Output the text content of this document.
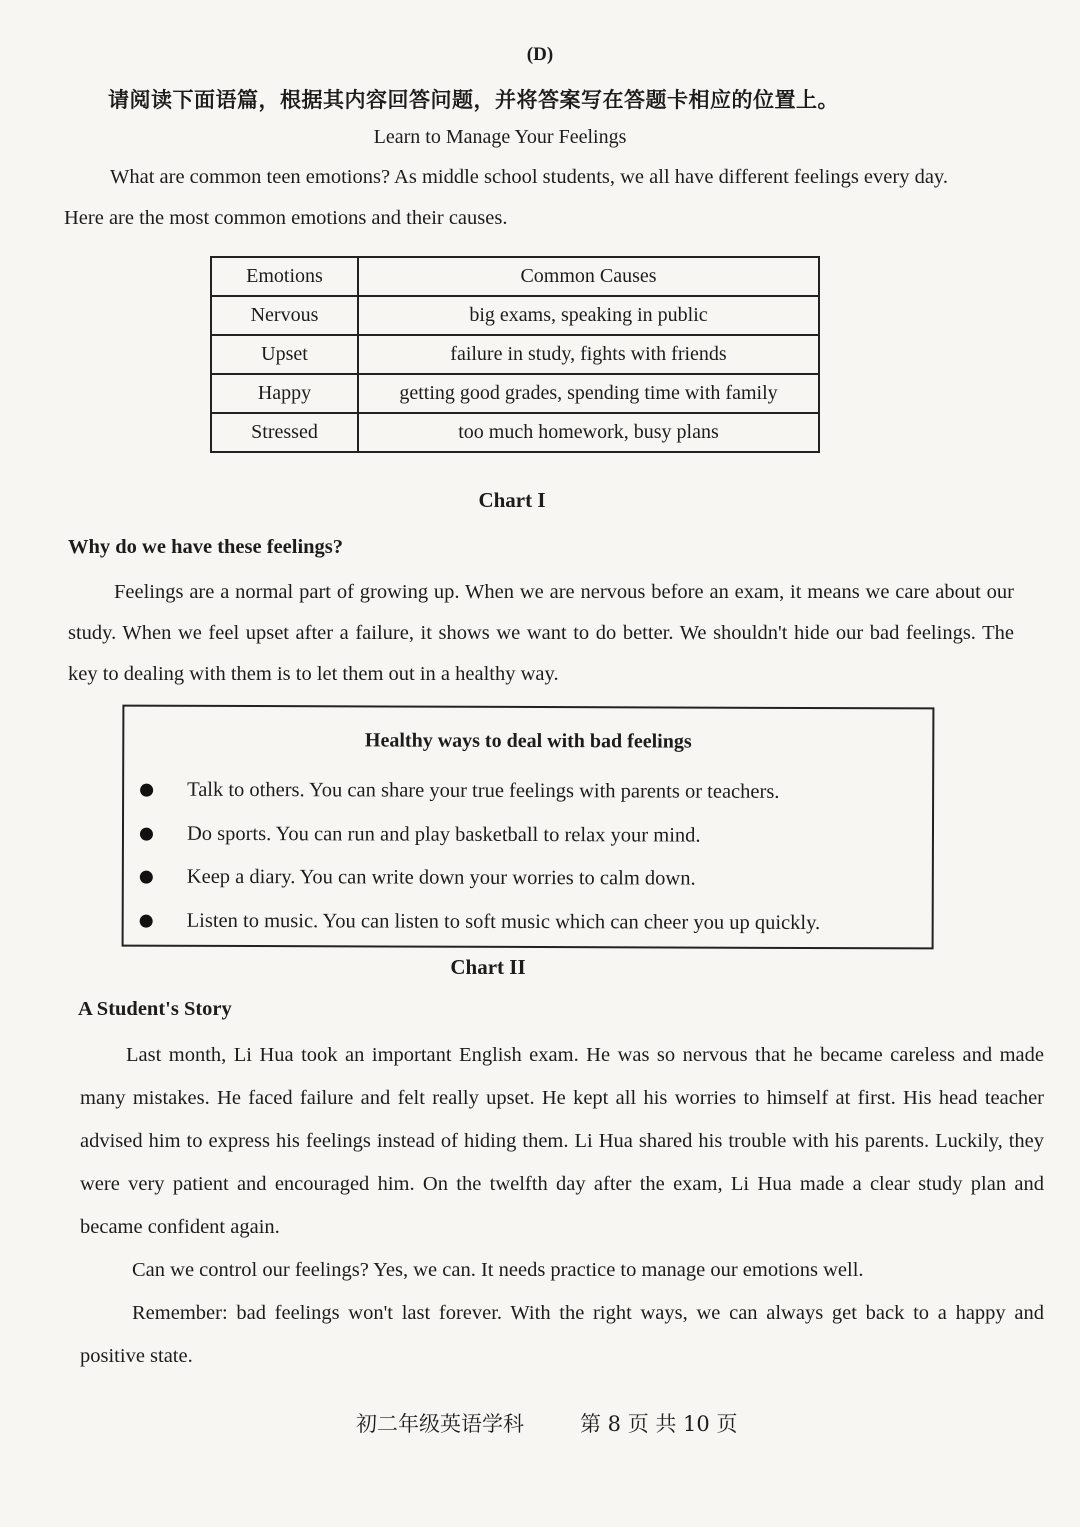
(D)
请阅读下面语篇，根据其内容回答问题，并将答案写在答题卡相应的位置上。
Learn to Manage Your Feelings

What are common teen emotions? As middle school students, we all have different feelings every day.

Here are the most common emotions and their causes.

Emotions	Common Causes
Nervous	big exams, speaking in public
Upset	failure in study, fights with friends
Happy	getting good grades, spending time with family
Stressed	too much homework, busy plans
Chart I
Why do we have these feelings?

Feelings are a normal part of growing up. When we are nervous before an exam, it means we care about our study. When we feel upset after a failure, it shows we want to do better. We shouldn't hide our bad feelings. The key to dealing with them is to let them out in a healthy way.

Healthy ways to deal with bad feelings
Talk to others. You can share your true feelings with parents or teachers.
Do sports. You can run and play basketball to relax your mind.
Keep a diary. You can write down your worries to calm down.
Listen to music. You can listen to soft music which can cheer you up quickly.
Chart II
A Student's Story

Last month, Li Hua took an important English exam. He was so nervous that he became careless and made many mistakes. He faced failure and felt really upset. He kept all his worries to himself at first. His head teacher advised him to express his feelings instead of hiding them. Li Hua shared his trouble with his parents. Luckily, they were very patient and encouraged him. On the twelfth day after the exam, Li Hua made a clear study plan and became confident again.

Can we control our feelings? Yes, we can. It needs practice to manage our emotions well.

Remember: bad feelings won't last forever. With the right ways, we can always get back to a happy and positive state.

初二年级英语学科	第 8 页 共 10 页
